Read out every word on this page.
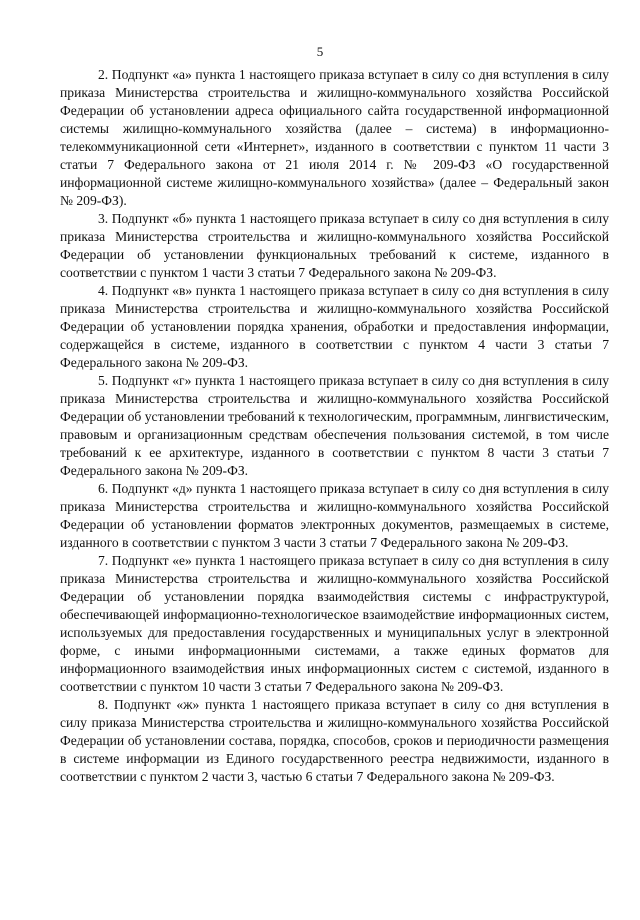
5

2. Подпункт «а» пункта 1 настоящего приказа вступает в силу со дня вступления в силу приказа Министерства строительства и жилищно-коммунального хозяйства Российской Федерации об установлении адреса официального сайта государственной информационной системы жилищно-коммунального хозяйства (далее – система) в информационно-телекоммуникационной сети «Интернет», изданного в соответствии с пунктом 11 части 3 статьи 7 Федерального закона от 21 июля 2014 г. № 209-ФЗ «О государственной информационной системе жилищно-коммунального хозяйства» (далее – Федеральный закон № 209-ФЗ).

3. Подпункт «б» пункта 1 настоящего приказа вступает в силу со дня вступления в силу приказа Министерства строительства и жилищно-коммунального хозяйства Российской Федерации об установлении функциональных требований к системе, изданного в соответствии с пунктом 1 части 3 статьи 7 Федерального закона № 209-ФЗ.

4. Подпункт «в» пункта 1 настоящего приказа вступает в силу со дня вступления в силу приказа Министерства строительства и жилищно-коммунального хозяйства Российской Федерации об установлении порядка хранения, обработки и предоставления информации, содержащейся в системе, изданного в соответствии с пунктом 4 части 3 статьи 7 Федерального закона № 209-ФЗ.

5. Подпункт «г» пункта 1 настоящего приказа вступает в силу со дня вступления в силу приказа Министерства строительства и жилищно-коммунального хозяйства Российской Федерации об установлении требований к технологическим, программным, лингвистическим, правовым и организационным средствам обеспечения пользования системой, в том числе требований к ее архитектуре, изданного в соответствии с пунктом 8 части 3 статьи 7 Федерального закона № 209-ФЗ.

6. Подпункт «д» пункта 1 настоящего приказа вступает в силу со дня вступления в силу приказа Министерства строительства и жилищно-коммунального хозяйства Российской Федерации об установлении форматов электронных документов, размещаемых в системе, изданного в соответствии с пунктом 3 части 3 статьи 7 Федерального закона № 209-ФЗ.

7. Подпункт «е» пункта 1 настоящего приказа вступает в силу со дня вступления в силу приказа Министерства строительства и жилищно-коммунального хозяйства Российской Федерации об установлении порядка взаимодействия системы с инфраструктурой, обеспечивающей информационно-технологическое взаимодействие информационных систем, используемых для предоставления государственных и муниципальных услуг в электронной форме, с иными информационными системами, а также единых форматов для информационного взаимодействия иных информационных систем с системой, изданного в соответствии с пунктом 10 части 3 статьи 7 Федерального закона № 209-ФЗ.

8. Подпункт «ж» пункта 1 настоящего приказа вступает в силу со дня вступления в силу приказа Министерства строительства и жилищно-коммунального хозяйства Российской Федерации об установлении состава, порядка, способов, сроков и периодичности размещения в системе информации из Единого государственного реестра недвижимости, изданного в соответствии с пунктом 2 части 3, частью 6 статьи 7 Федерального закона № 209-ФЗ.
